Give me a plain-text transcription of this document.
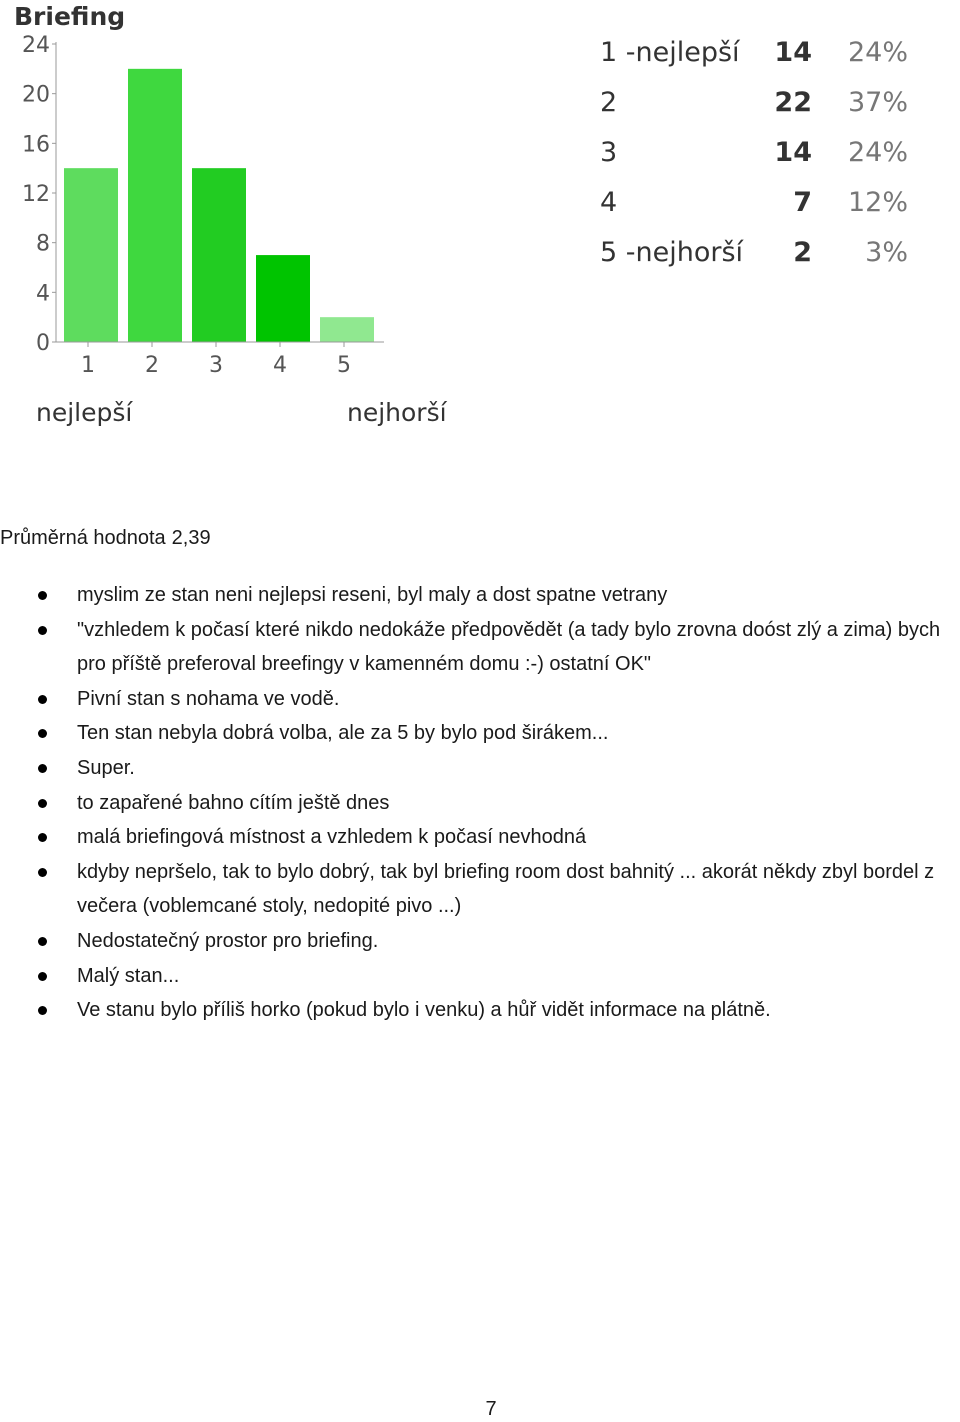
Briefing
0
4
8
12
16
20
24
1 2 3 4 5
nejlepší	nejhorší
1 -nejlepší	14	24%
2	22	37%
3	14	24%
4	7	12%
5 -nejhorší	2	3%
Průměrná hodnota 2,39
myslim ze stan neni nejlepsi reseni, byl maly a dost spatne vetrany
"vzhledem k počasí které nikdo nedokáže předpovědět (a tady bylo zrovna doóst zlý a zima) bych pro příště preferoval breefingy v kamenném domu :-) ostatní OK"
Pivní stan s nohama ve vodě.
Ten stan nebyla dobrá volba, ale za 5 by bylo pod širákem...
Super.
to zapařené bahno cítím ještě dnes
malá briefingová místnost a vzhledem k počasí nevhodná
kdyby nepršelo, tak to bylo dobrý, tak byl briefing room dost bahnitý ... akorát někdy zbyl bordel z večera (voblemcané stoly, nedopité pivo ...)
Nedostatečný prostor pro briefing.
Malý stan...
Ve stanu bylo příliš horko (pokud bylo i venku) a hůř vidět informace na plátně.
7
